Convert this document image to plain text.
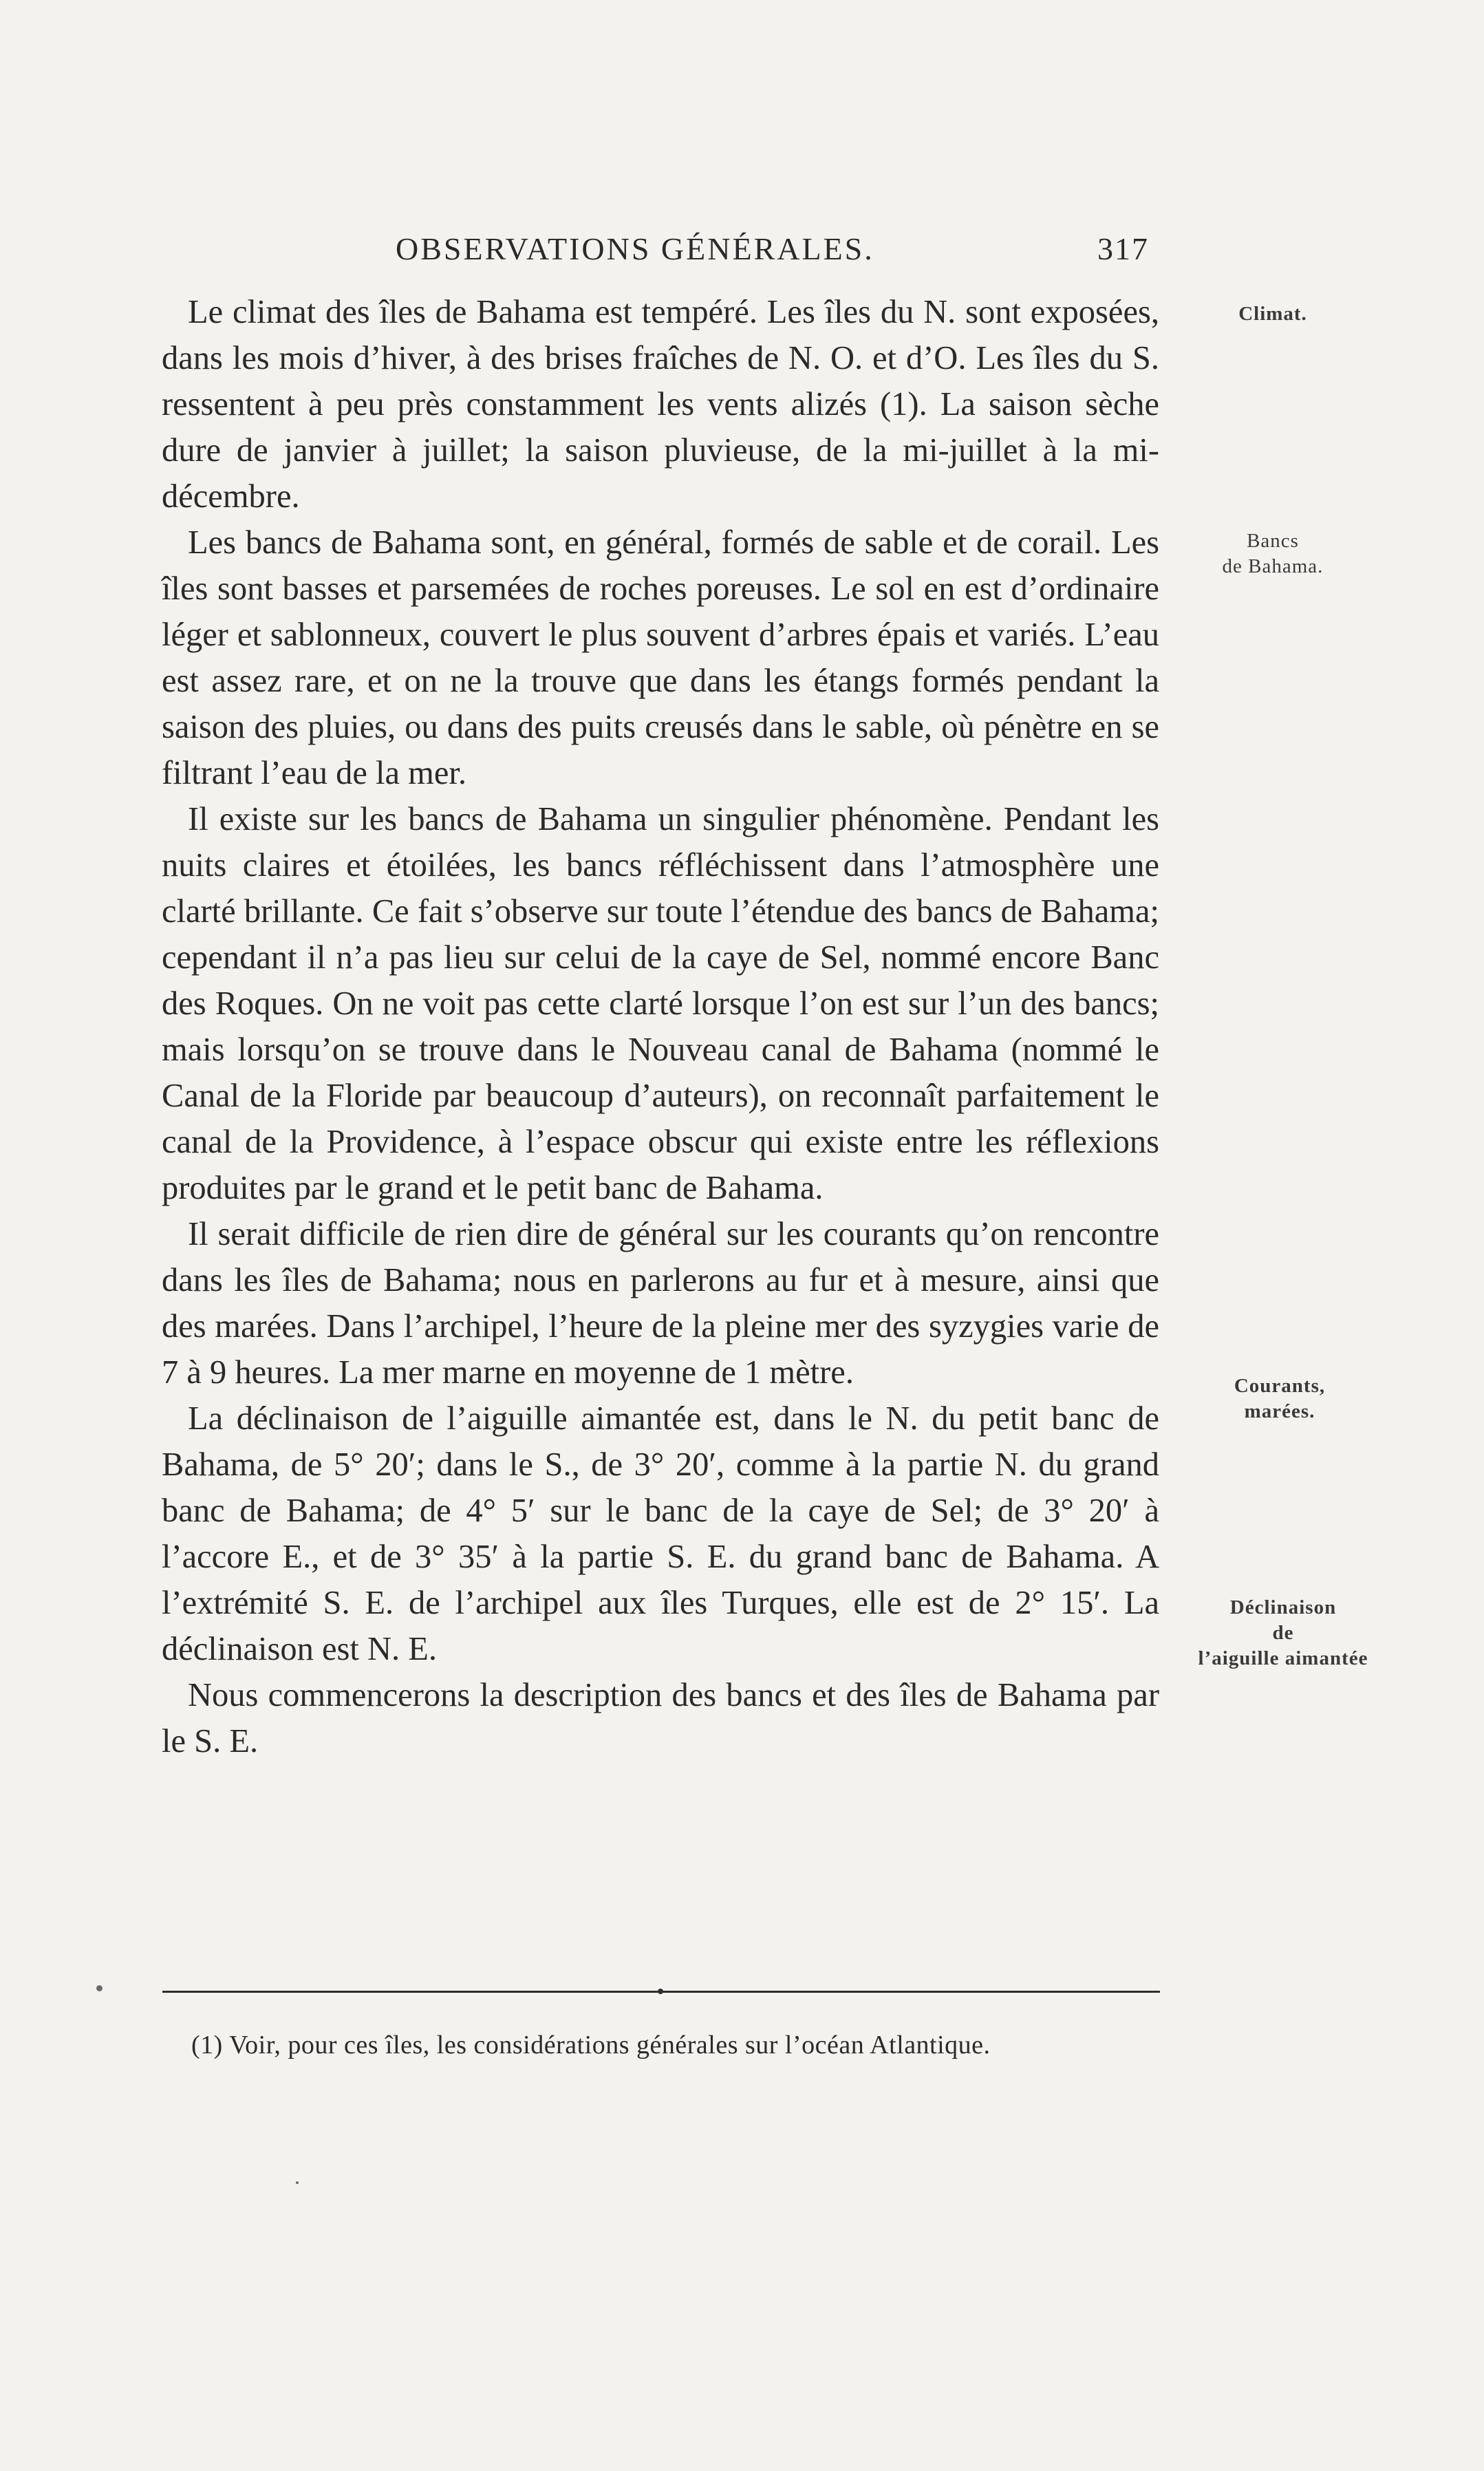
OBSERVATIONS GÉNÉRALES.	317

Le climat des îles de Bahama est tempéré. Les îles du N. sont exposées, dans les mois d’hiver, à des brises fraîches de N. O. et d’O. Les îles du S. ressentent à peu près constamment les vents alizés (1). La saison sèche dure de janvier à juillet; la saison pluvieuse, de la mi-juillet à la mi-décembre.

Les bancs de Bahama sont, en général, formés de sable et de corail. Les îles sont basses et parsemées de roches poreuses. Le sol en est d’ordinaire léger et sablonneux, couvert le plus souvent d’arbres épais et variés. L’eau est assez rare, et on ne la trouve que dans les étangs formés pendant la saison des pluies, ou dans des puits creusés dans le sable, où pénètre en se filtrant l’eau de la mer.

Il existe sur les bancs de Bahama un singulier phénomène. Pendant les nuits claires et étoilées, les bancs réfléchissent dans l’atmosphère une clarté brillante. Ce fait s’observe sur toute l’étendue des bancs de Bahama; cependant il n’a pas lieu sur celui de la caye de Sel, nommé encore Banc des Roques. On ne voit pas cette clarté lorsque l’on est sur l’un des bancs; mais lorsqu’on se trouve dans le Nouveau canal de Bahama (nommé le Canal de la Floride par beaucoup d’auteurs), on reconnaît parfaitement le canal de la Providence, à l’espace obscur qui existe entre les réflexions produites par le grand et le petit banc de Bahama.

Il serait difficile de rien dire de général sur les courants qu’on rencontre dans les îles de Bahama; nous en parlerons au fur et à mesure, ainsi que des marées. Dans l’archipel, l’heure de la pleine mer des syzygies varie de 7 à 9 heures. La mer marne en moyenne de 1 mètre.

La déclinaison de l’aiguille aimantée est, dans le N. du petit banc de Bahama, de 5° 20′; dans le S., de 3° 20′, comme à la partie N. du grand banc de Bahama; de 4° 5′ sur le banc de la caye de Sel; de 3° 20′ à l’accore E., et de 3° 35′ à la partie S. E. du grand banc de Bahama. A l’extrémité S. E. de l’archipel aux îles Turques, elle est de 2° 15′. La déclinaison est N. E.

Nous commencerons la description des bancs et des îles de Bahama par le S. E.

Climat.
Bancs
de Bahama.
Courants,
marées.
Déclinaison
de
l’aiguille aimantée
(1) Voir, pour ces îles, les considérations générales sur l’océan Atlantique.
